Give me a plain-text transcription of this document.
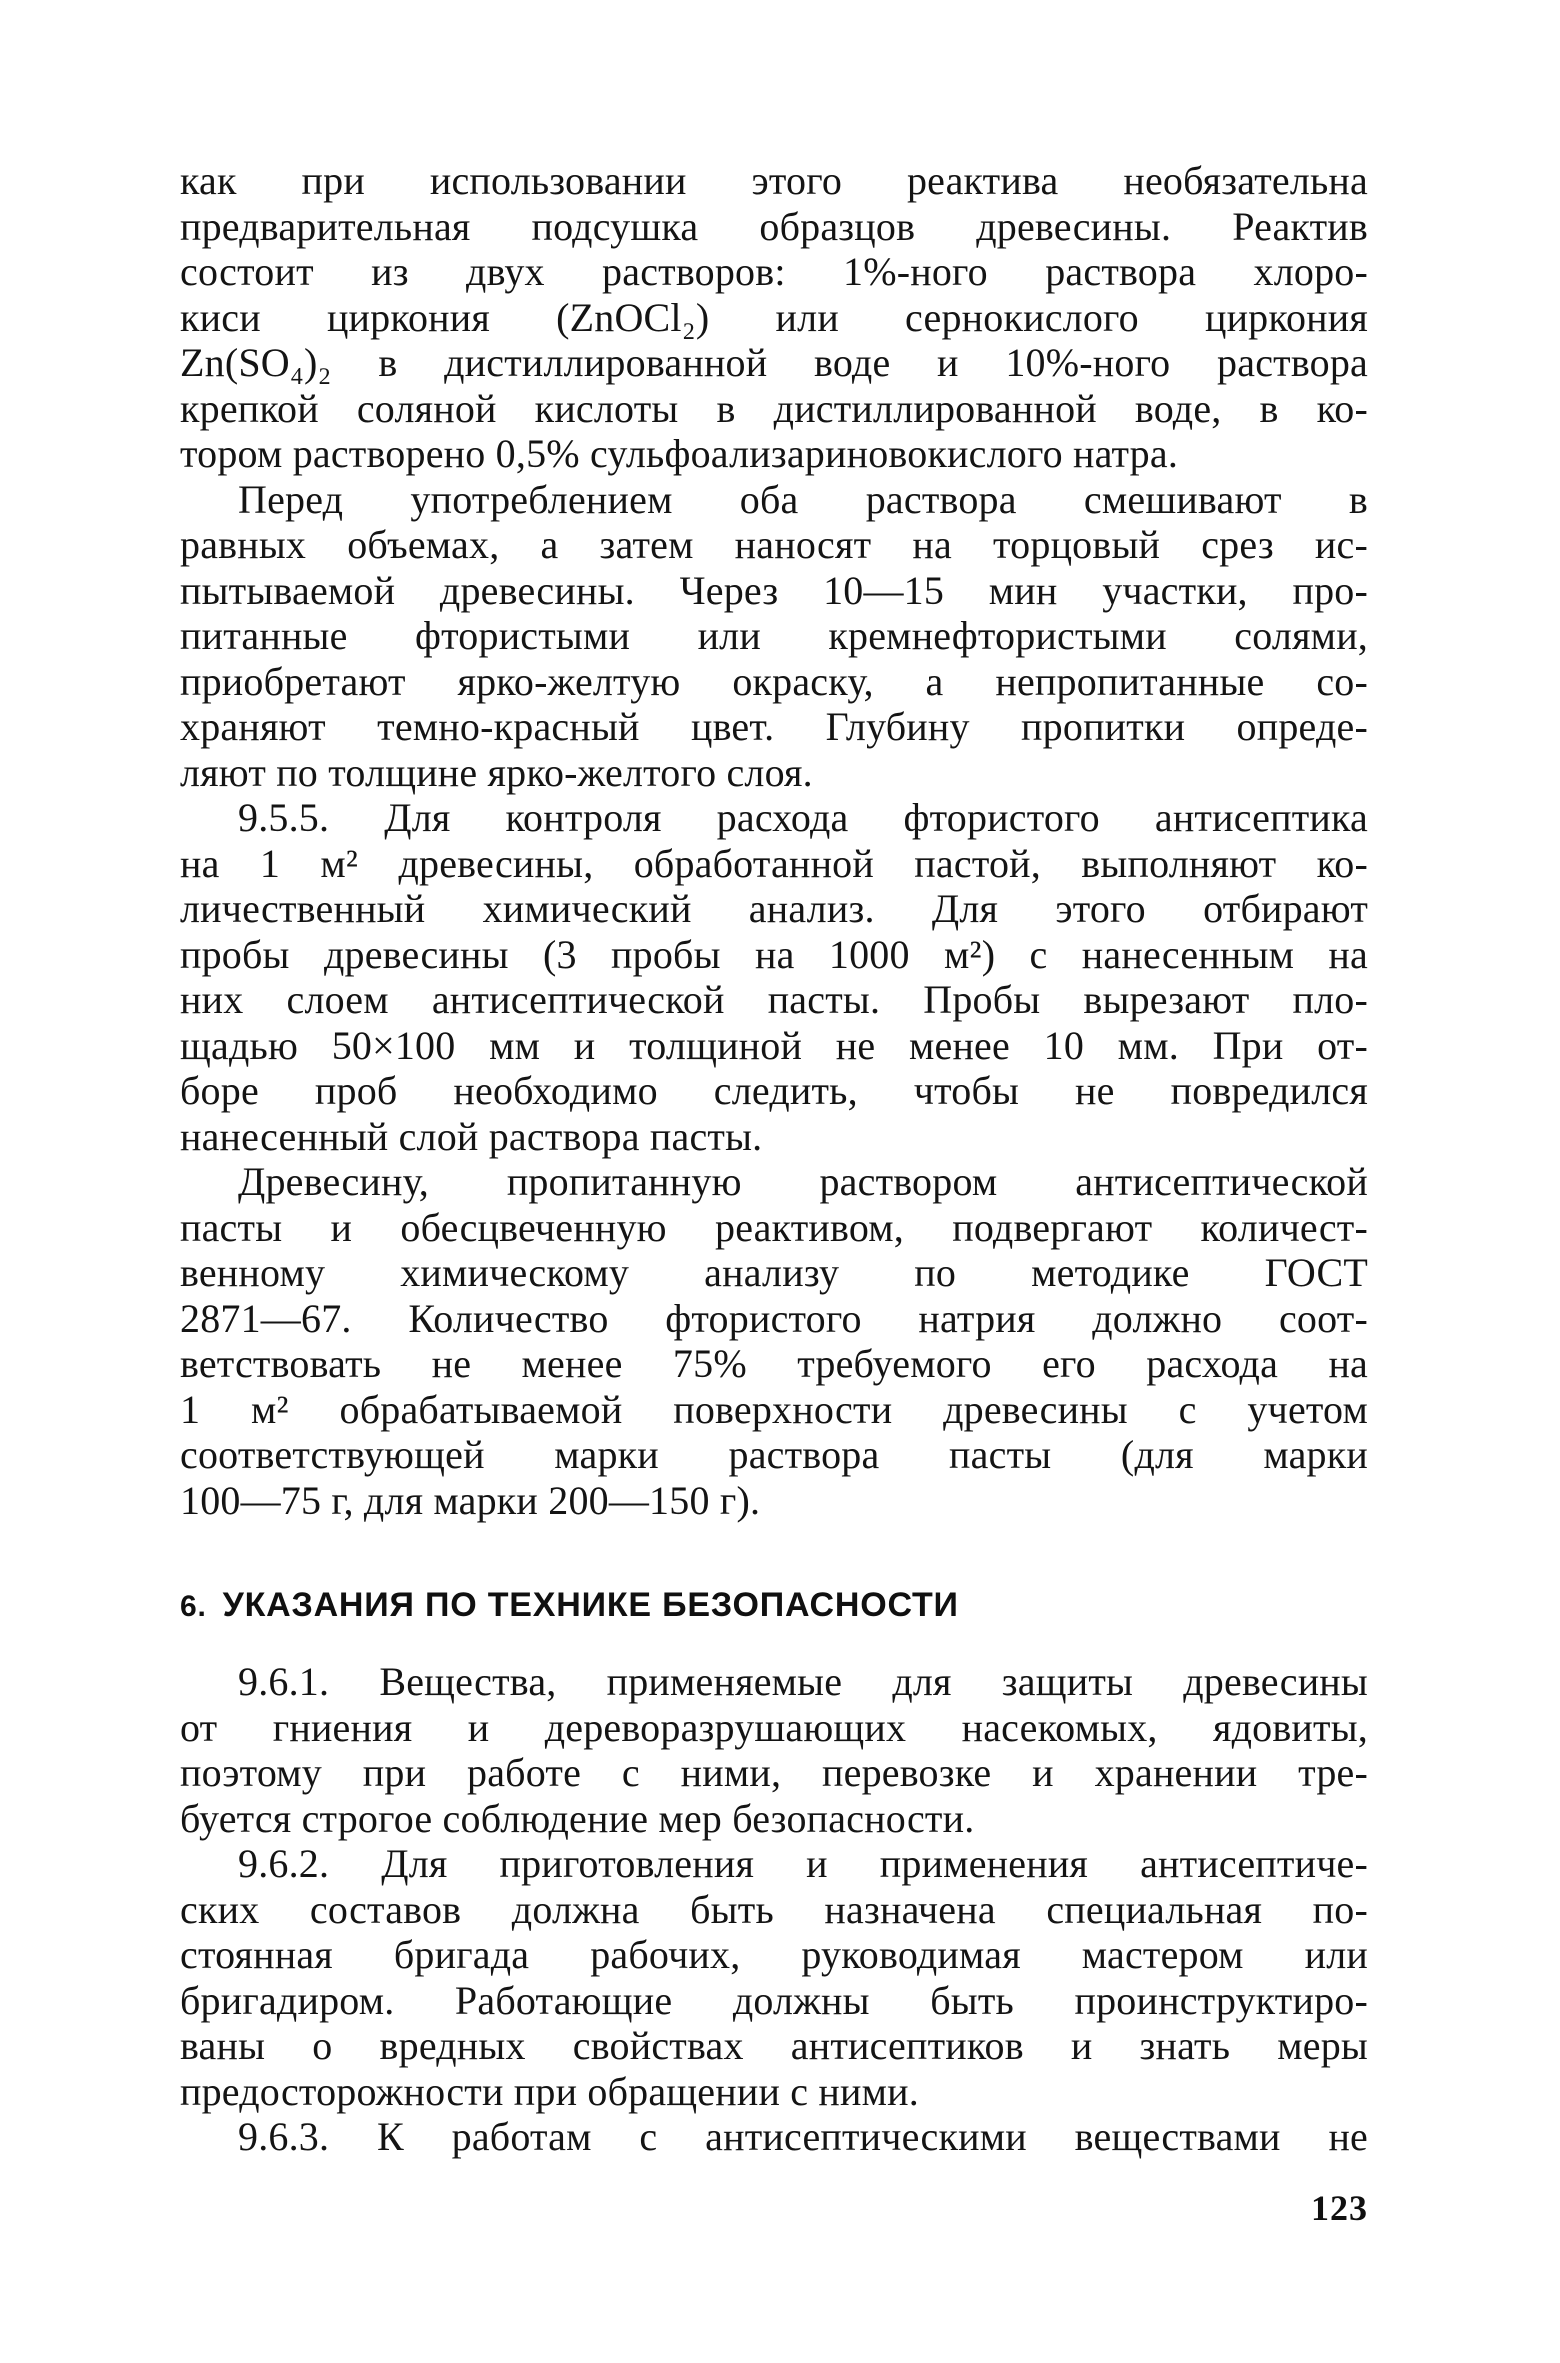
как при использовании этого реактива необязательна
предварительная подсушка образцов древесины. Реактив
состоит из двух растворов: 1%-ного раствора хлоро-
киси циркония (ZnOCl₂) или сернокислого циркония
Zn(SO₄)₂ в дистиллированной воде и 10%-ного раствора
крепкой соляной кислоты в дистиллированной воде, в ко-
тором растворено 0,5% сульфоализариновокислого натра.
Перед употреблением оба раствора смешивают в
равных объемах, а затем наносят на торцовый срез ис-
пытываемой древесины. Через 10—15 мин участки, про-
питанные фтористыми или кремнефтористыми солями,
приобретают ярко-желтую окраску, а непропитанные со-
храняют темно-красный цвет. Глубину пропитки опреде-
ляют по толщине ярко-желтого слоя.
9.5.5. Для контроля расхода фтористого антисептика
на 1 м² древесины, обработанной пастой, выполняют ко-
личественный химический анализ. Для этого отбирают
пробы древесины (3 пробы на 1000 м²) с нанесенным на
них слоем антисептической пасты. Пробы вырезают пло-
щадью 50×100 мм и толщиной не менее 10 мм. При от-
боре проб необходимо следить, чтобы не повредился
нанесенный слой раствора пасты.
Древесину, пропитанную раствором антисептической
пасты и обесцвеченную реактивом, подвергают количест-
венному химическому анализу по методике ГОСТ
2871—67. Количество фтористого натрия должно соот-
ветствовать не менее 75% требуемого его расхода на
1 м² обрабатываемой поверхности древесины с учетом
соответствующей марки раствора пасты (для марки
100—75 г, для марки 200—150 г).
6. УКАЗАНИЯ ПО ТЕХНИКЕ БЕЗОПАСНОСТИ
9.6.1. Вещества, применяемые для защиты древесины
от гниения и дереворазрушающих насекомых, ядовиты,
поэтому при работе с ними, перевозке и хранении тре-
буется строгое соблюдение мер безопасности.
9.6.2. Для приготовления и применения антисептиче-
ских составов должна быть назначена специальная по-
стоянная бригада рабочих, руководимая мастером или
бригадиром. Работающие должны быть проинструктиро-
ваны о вредных свойствах антисептиков и знать меры
предосторожности при обращении с ними.
9.6.3. К работам с антисептическими веществами не
123
